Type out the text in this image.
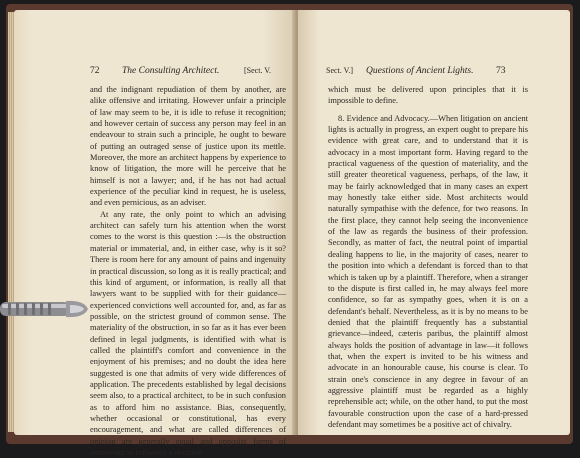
72 The Consulting Architect.	[Sect. V.

and the indignant repudiation of them by another, are alike offensive and irritating. However unfair a principle of law may seem to be, it is idle to refuse it recognition; and however certain of success any person may feel in an endeavour to strain such a principle, he ought to beware of putting an outraged sense of justice upon its mettle. Moreover, the more an architect happens by experience to know of litigation, the more will he perceive that he himself is not a lawyer; and, if he has not had actual experience of the peculiar kind in request, he is useless, and even pernicious, as an adviser.

At any rate, the only point to which an advising architect can safely turn his attention when the worst comes to the worst is this question :—is the obstruction material or immaterial, and, in either case, why is it so? There is room here for any amount of pains and ingenuity in practical discussion, so long as it is really practical; and this kind of argument, or information, is really all that lawyers want to be supplied with for their guidance—experienced convictions well accounted for, and, as far as possible, on the strictest ground of common sense. The materiality of the obstruction, in so far as it has ever been defined in legal judgments, is identified with what is called the plaintiff's comfort and convenience in the enjoyment of his premises; and no doubt the idea here suggested is one that admits of very wide differences of application. The precedents established by legal decisions seem also, to a practical architect, to be in such confusion as to afford him no assistance. Bias, consequently, whether occasional or constitutional, has every encouragement, and what are called differences of opinion are generally equal and opposite forms of endeavour to influence a decision

Sect. V.] Questions of Ancient Lights. 73

which must be delivered upon principles that it is impossible to define.

8. Evidence and Advocacy.—When litigation on ancient lights is actually in progress, an expert ought to prepare his evidence with great care, and to understand that it is advocacy in a most important form. Having regard to the practical vagueness of the question of materiality, and the still greater theoretical vagueness, perhaps, of the law, it may be fairly acknowledged that in many cases an expert may honestly take either side. Most architects would naturally sympathise with the defence, for two reasons. In the first place, they cannot help seeing the inconvenience of the law as regards the business of their profession. Secondly, as matter of fact, the neutral point of impartial dealing happens to lie, in the majority of cases, nearer to the position into which a defendant is forced than to that which is taken up by a plaintiff. Therefore, when a stranger to the dispute is first called in, he may always feel more confidence, so far as sympathy goes, when it is on a defendant's behalf. Nevertheless, as it is by no means to be denied that the plaintiff frequently has a substantial grievance—indeed, cæteris paribus, the plaintiff almost always holds the position of advantage in law—it follows that, when the expert is invited to be his witness and advocate in an honourable cause, his course is clear. To strain one's conscience in any degree in favour of an aggressive plaintiff must be regarded as a highly reprehensible act; while, on the other hand, to put the most favourable construction upon the case of a hard-pressed defendant may sometimes be a positive act of chivalry.
